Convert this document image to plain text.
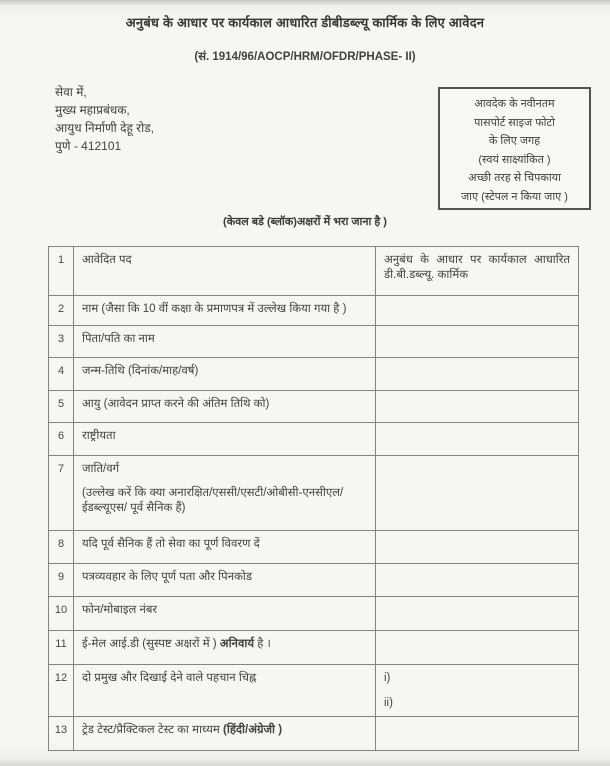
अनुबंध के आधार पर कार्यकाल आधारित डीबीडब्ल्यू कार्मिक के लिए आवेदन
(सं. 1914/96/AOCP/HRM/OFDR/PHASE- II)
सेवा में,
मुख्य महाप्रबंधक,
आयुध निर्माणी देहू रोड,
पुणे - 412101
आवदेक के नवीनतम
पासपोर्ट साइज फोटो
के लिए जगह
(स्वयं साक्ष्यांकित )
अच्छी तरह से चिपकाया
जाए (स्टेपल न किया जाए )
(केवल बडे (ब्लॉक)अक्षरों में भरा जाना है )
1	आवेदित पद	अनुबंध के आधार पर कार्यकाल आधारित डी.बी.डब्ल्यू. कार्मिक
2	नाम (जैसा कि 10 वीं कक्षा के प्रमाणपत्र में उल्लेख किया गया है )	
3	पिता/पति का नाम	
4	जन्म-तिथि (दिनांक/माह/वर्ष)	
5	आयु (आवेदन प्राप्त करने की अंतिम तिथि को)	
6	राष्ट्रीयता	
7	जाति/वर्ग
(उल्लेख करें कि क्या अनारक्षित/एससी/एसटी/ओबीसी-एनसीएल/ ईडब्ल्यूएस/ पूर्व सैनिक हैं)	

8	यदि पूर्व सैनिक हैं तो सेवा का पूर्ण विवरण दें	
9	पत्रव्यवहार के लिए पूर्ण पता और पिनकोड	
10	फोन/मोबाइल नंबर	
11	ई-मेल आई.डी (सुस्पष्ट अक्षरों में ) अनिवार्य है ।	
12	दो प्रमुख और दिखाई देने वाले पहचान चिह्न	i)
ii)

13	ट्रेड टेस्ट/प्रैक्टिकल टेस्ट का माध्यम (हिंदी/अंग्रेजी )	
